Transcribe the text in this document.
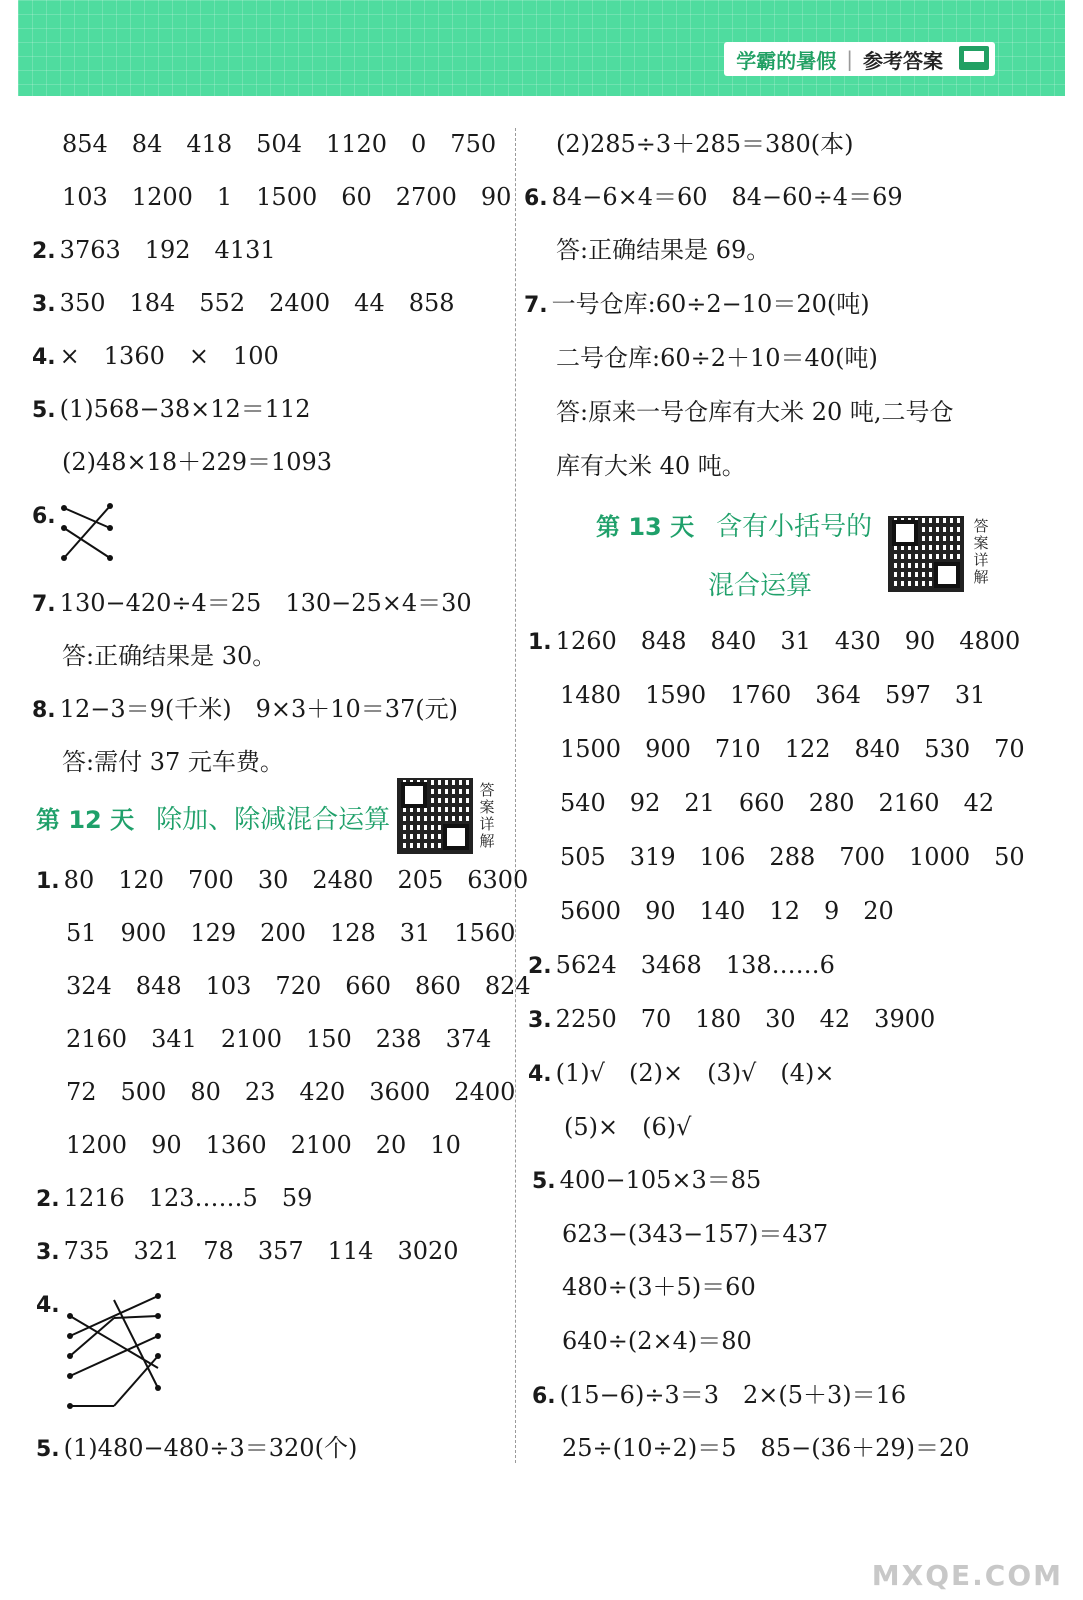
学霸的暑假 | 参考答案
854　84　418　504　1120　0　750
103　1200　1　1500　60　2700　90
2. 3763　192　4131
3. 350　184　552　2400　44　858
4. ×　1360　×　100
5. (1)568−38×12＝112
(2)48×18＋229＝1093
6.
7. 130−420÷4＝25　130−25×4＝30
答:正确结果是 30。
8. 12−3＝9(千米)　9×3＋10＝37(元)
答:需付 37 元车费。
第 12 天 除加、除减混合运算
答案详解
1. 80　120　700　30　2480　205　6300
51　900　129　200　128　31　1560
324　848　103　720　660　860　824
2160　341　2100　150　238　374
72　500　80　23　420　3600　2400
1200　90　1360　2100　20　10
2. 1216　123……5　59
3. 735　321　78　357　114　3020
4.
5. (1)480−480÷3＝320(个)
(2)285÷3＋285＝380(本)
6. 84−6×4＝60　84−60÷4＝69
答:正确结果是 69。
7. 一号仓库:60÷2−10＝20(吨)
二号仓库:60÷2＋10＝40(吨)
答:原来一号仓库有大米 20 吨,二号仓
库有大米 40 吨。
第 13 天 含有小括号的
混合运算
答案详解
1. 1260　848　840　31　430　90　4800
1480　1590　1760　364　597　31
1500　900　710　122　840　530　70
540　92　21　660　280　2160　42
505　319　106　288　700　1000　50
5600　90　140　12　9　20
2. 5624　3468　138……6
3. 2250　70　180　30　42　3900
4. (1)√　(2)×　(3)√　(4)×
(5)×　(6)√
5. 400−105×3＝85
623−(343−157)＝437
480÷(3＋5)＝60
640÷(2×4)＝80
6. (15−6)÷3＝3　2×(5＋3)＝16
25÷(10÷2)＝5　85−(36＋29)＝20
MXQE.COM
